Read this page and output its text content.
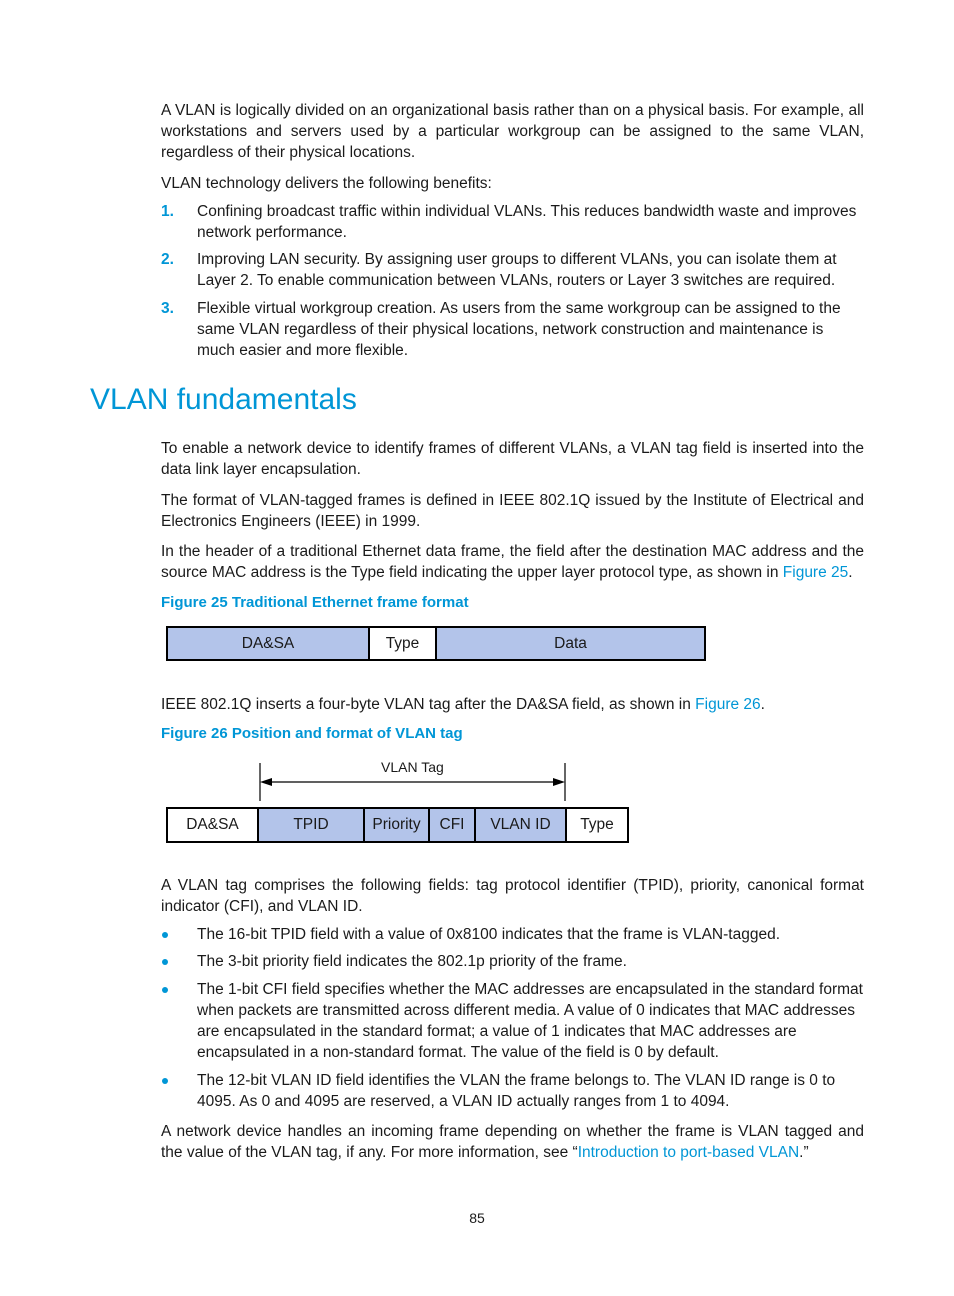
A VLAN is logically divided on an organizational basis rather than on a physical basis. For example, all workstations and servers used by a particular workgroup can be assigned to the same VLAN, regardless of their physical locations.

VLAN technology delivers the following benefits:

1. Confining broadcast traffic within individual VLANs. This reduces bandwidth waste and improves network performance.

2. Improving LAN security. By assigning user groups to different VLANs, you can isolate them at Layer 2. To enable communication between VLANs, routers or Layer 3 switches are required.

3. Flexible virtual workgroup creation. As users from the same workgroup can be assigned to the same VLAN regardless of their physical locations, network construction and maintenance is much easier and more flexible.

VLAN fundamentals

To enable a network device to identify frames of different VLANs, a VLAN tag field is inserted into the data link layer encapsulation.

The format of VLAN-tagged frames is defined in IEEE 802.1Q issued by the Institute of Electrical and Electronics Engineers (IEEE) in 1999.

In the header of a traditional Ethernet data frame, the field after the destination MAC address and the source MAC address is the Type field indicating the upper layer protocol type, as shown in Figure 25.

Figure 25 Traditional Ethernet frame format

DA&SA	Type	Data

IEEE 802.1Q inserts a four-byte VLAN tag after the DA&SA field, as shown in Figure 26.

Figure 26 Position and format of VLAN tag

VLAN Tag
DA&SA	TPID	Priority	CFI	VLAN ID	Type

A VLAN tag comprises the following fields: tag protocol identifier (TPID), priority, canonical format indicator (CFI), and VLAN ID.

The 16-bit TPID field with a value of 0x8100 indicates that the frame is VLAN-tagged.

The 3-bit priority field indicates the 802.1p priority of the frame.

The 1-bit CFI field specifies whether the MAC addresses are encapsulated in the standard format when packets are transmitted across different media. A value of 0 indicates that MAC addresses are encapsulated in the standard format; a value of 1 indicates that MAC addresses are encapsulated in a non-standard format. The value of the field is 0 by default.

The 12-bit VLAN ID field identifies the VLAN the frame belongs to. The VLAN ID range is 0 to 4095. As 0 and 4095 are reserved, a VLAN ID actually ranges from 1 to 4094.

A network device handles an incoming frame depending on whether the frame is VLAN tagged and the value of the VLAN tag, if any. For more information, see “Introduction to port-based VLAN.”

85
